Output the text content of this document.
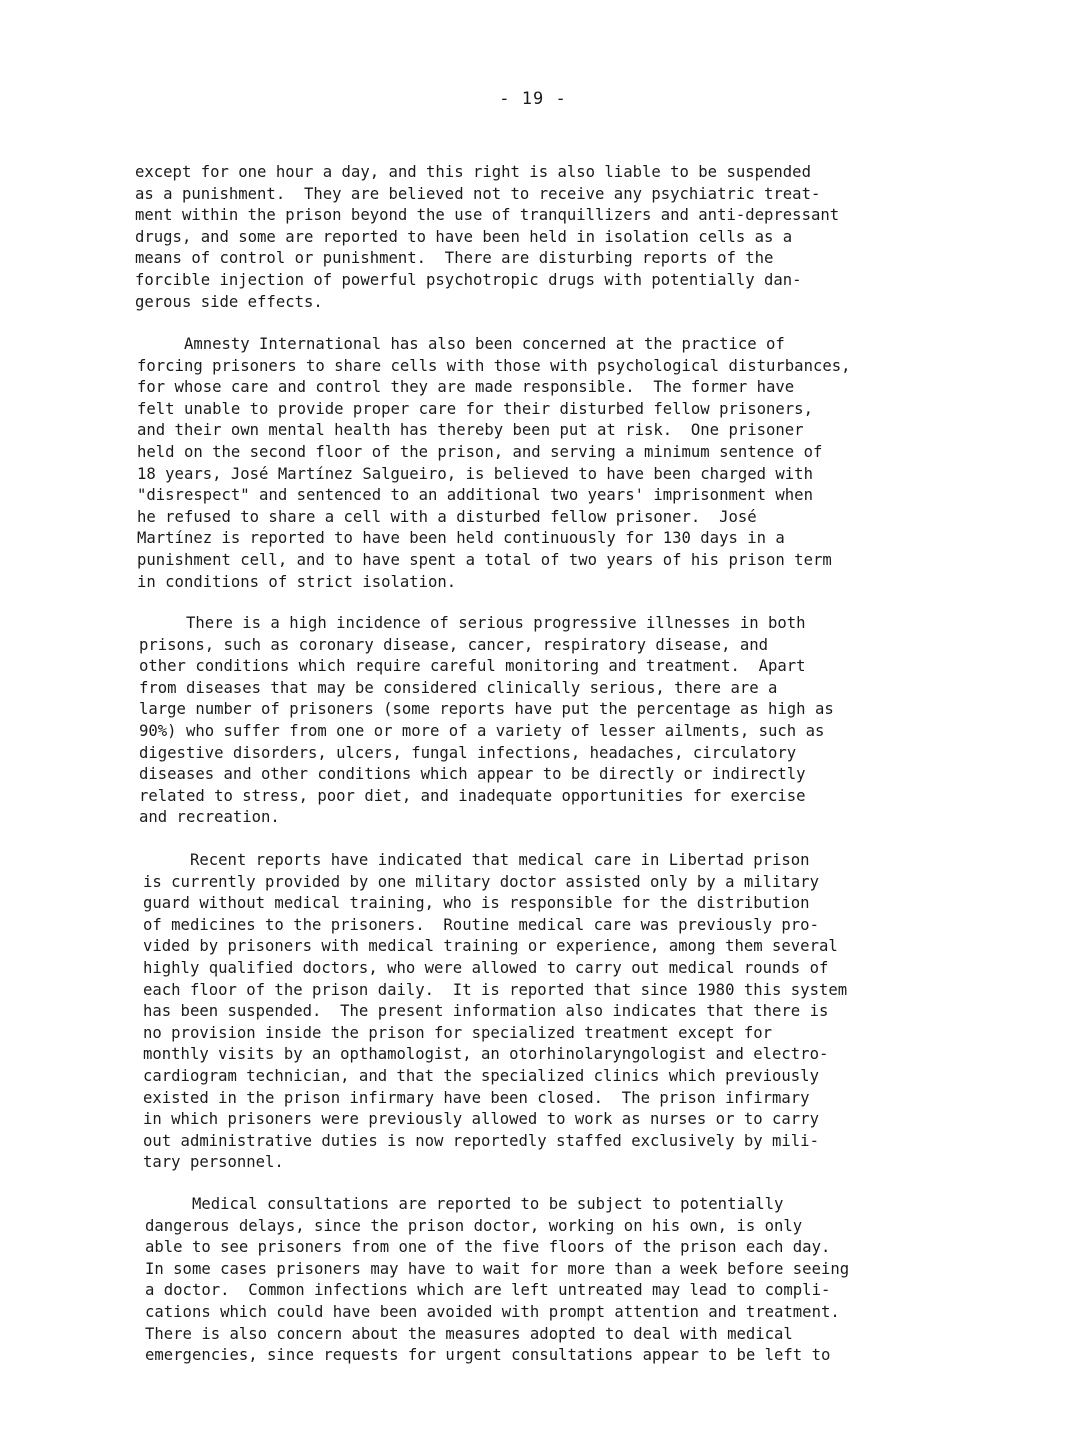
- 19 -
except for one hour a day, and this right is also liable to be suspended
as a punishment.  They are believed not to receive any psychiatric treat-
ment within the prison beyond the use of tranquillizers and anti-depressant
drugs, and some are reported to have been held in isolation cells as a
means of control or punishment.  There are disturbing reports of the
forcible injection of powerful psychotropic drugs with potentially dan-
gerous side effects.
Amnesty International has also been concerned at the practice of
forcing prisoners to share cells with those with psychological disturbances,
for whose care and control they are made responsible.  The former have
felt unable to provide proper care for their disturbed fellow prisoners,
and their own mental health has thereby been put at risk.  One prisoner
held on the second floor of the prison, and serving a minimum sentence of
18 years, José Martínez Salgueiro, is believed to have been charged with
"disrespect" and sentenced to an additional two years' imprisonment when
he refused to share a cell with a disturbed fellow prisoner.  José
Martínez is reported to have been held continuously for 130 days in a
punishment cell, and to have spent a total of two years of his prison term
in conditions of strict isolation.
There is a high incidence of serious progressive illnesses in both
prisons, such as coronary disease, cancer, respiratory disease, and
other conditions which require careful monitoring and treatment.  Apart
from diseases that may be considered clinically serious, there are a
large number of prisoners (some reports have put the percentage as high as
90%) who suffer from one or more of a variety of lesser ailments, such as
digestive disorders, ulcers, fungal infections, headaches, circulatory
diseases and other conditions which appear to be directly or indirectly
related to stress, poor diet, and inadequate opportunities for exercise
and recreation.
Recent reports have indicated that medical care in Libertad prison
is currently provided by one military doctor assisted only by a military
guard without medical training, who is responsible for the distribution
of medicines to the prisoners.  Routine medical care was previously pro-
vided by prisoners with medical training or experience, among them several
highly qualified doctors, who were allowed to carry out medical rounds of
each floor of the prison daily.  It is reported that since 1980 this system
has been suspended.  The present information also indicates that there is
no provision inside the prison for specialized treatment except for
monthly visits by an opthamologist, an otorhinolaryngologist and electro-
cardiogram technician, and that the specialized clinics which previously
existed in the prison infirmary have been closed.  The prison infirmary
in which prisoners were previously allowed to work as nurses or to carry
out administrative duties is now reportedly staffed exclusively by mili-
tary personnel.
Medical consultations are reported to be subject to potentially
dangerous delays, since the prison doctor, working on his own, is only
able to see prisoners from one of the five floors of the prison each day.
In some cases prisoners may have to wait for more than a week before seeing
a doctor.  Common infections which are left untreated may lead to compli-
cations which could have been avoided with prompt attention and treatment.
There is also concern about the measures adopted to deal with medical
emergencies, since requests for urgent consultations appear to be left to
